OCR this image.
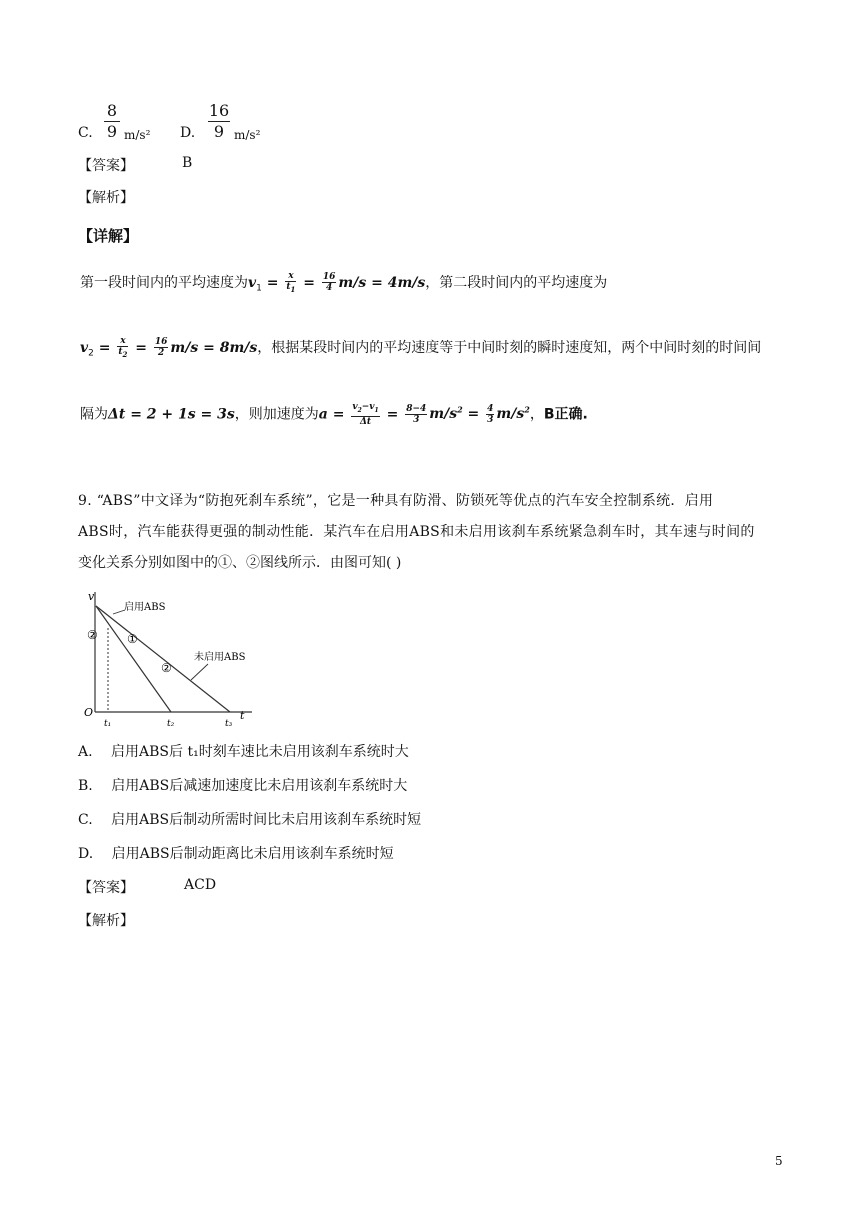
C.
8
9 m/s² D.
16
9 m/s²
【答案】	B
【解析】
【详解】
第一段时间内的平均速度为$v_1 = \frac{x}{t_1} = \frac{16}{4} m/s = 4m/s$，第二段时间内的平均速度为
$v_2 = \frac{x}{t_2} = \frac{16}{2} m/s = 8m/s$，根据某段时间内的平均速度等于中间时刻的瞬时速度知，两个中间时刻的时间间
隔为Δt = 2 + 1s = 3s，则加速度为$a = \frac{v_2-v_1}{\Delta t} = \frac{8-4}{3} m/s^2 = \frac{4}{3} m/s^2$，B正确.
9. “ABS”中文译为“防抱死刹车系统”，它是一种具有防滑、防锁死等优点的汽车安全控制系统．启用
ABS时，汽车能获得更强的制动性能．某汽车在启用ABS和未启用该刹车系统紧急刹车时，其车速与时间的
变化关系分别如图中的①、②图线所示．由图可知( )
v
t
O
启用ABS
未启用ABS
①
②
②
t₁	t₂	t₃
A. 启用ABS后 t₁时刻车速比未启用该刹车系统时大
B. 启用ABS后减速加速度比未启用该刹车系统时大
C. 启用ABS后制动所需时间比未启用该刹车系统时短
D. 启用ABS后制动距离比未启用该刹车系统时短
【答案】	ACD
【解析】
5
